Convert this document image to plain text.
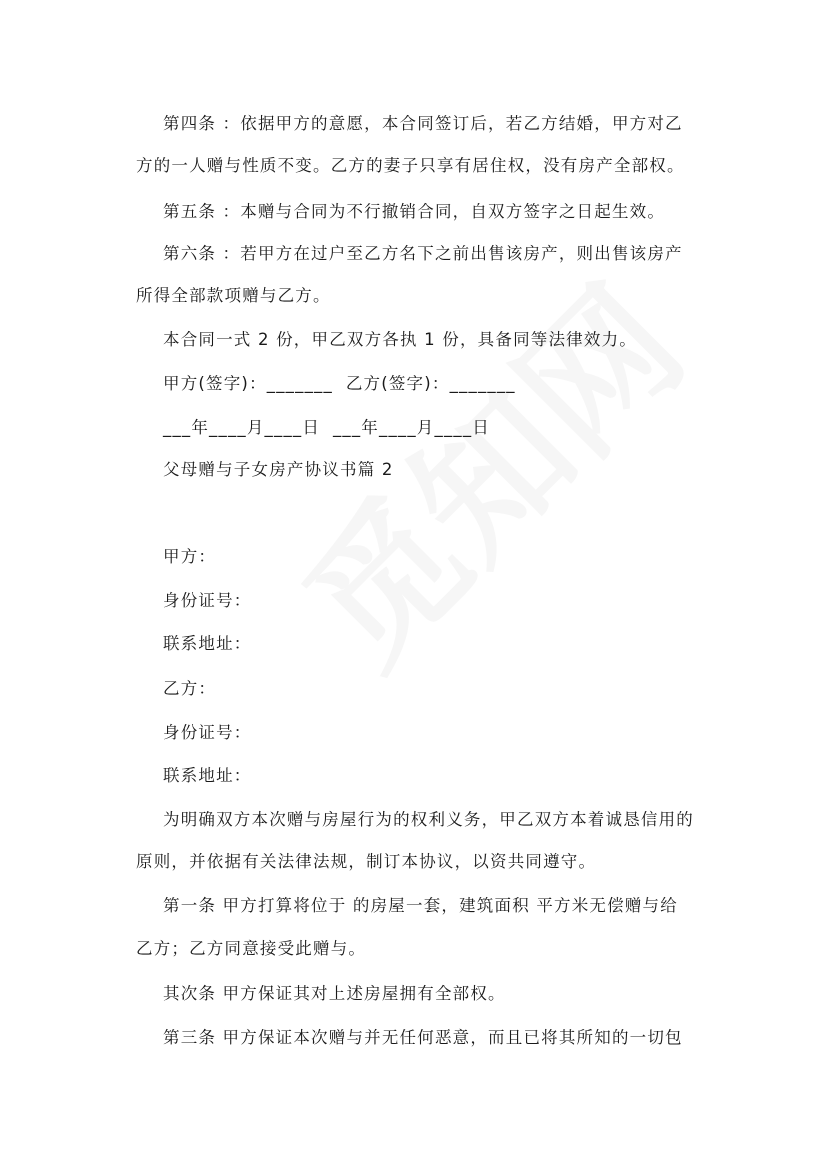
第四条 ：依据甲方的意愿，本合同签订后，若乙方结婚，甲方对乙
方的一人赠与性质不变。乙方的妻子只享有居住权，没有房产全部权。
第五条 ：本赠与合同为不行撤销合同，自双方签字之日起生效。
第六条 ：若甲方在过户至乙方名下之前出售该房产，则出售该房产
所得全部款项赠与乙方。
本合同一式 2 份，甲乙双方各执 1 份，具备同等法律效力。
甲方(签字)：_______  乙方(签字)：_______
___年____月____日  ___年____月____日
父母赠与子女房产协议书篇 2
甲方：
身份证号：
联系地址：
乙方：
身份证号：
联系地址：
为明确双方本次赠与房屋行为的权利义务，甲乙双方本着诚恳信用的
原则，并依据有关法律法规，制订本协议，以资共同遵守。
第一条 甲方打算将位于 的房屋一套，建筑面积 平方米无偿赠与给
乙方；乙方同意接受此赠与。
其次条 甲方保证其对上述房屋拥有全部权。
第三条 甲方保证本次赠与并无任何恶意，而且已将其所知的一切包
